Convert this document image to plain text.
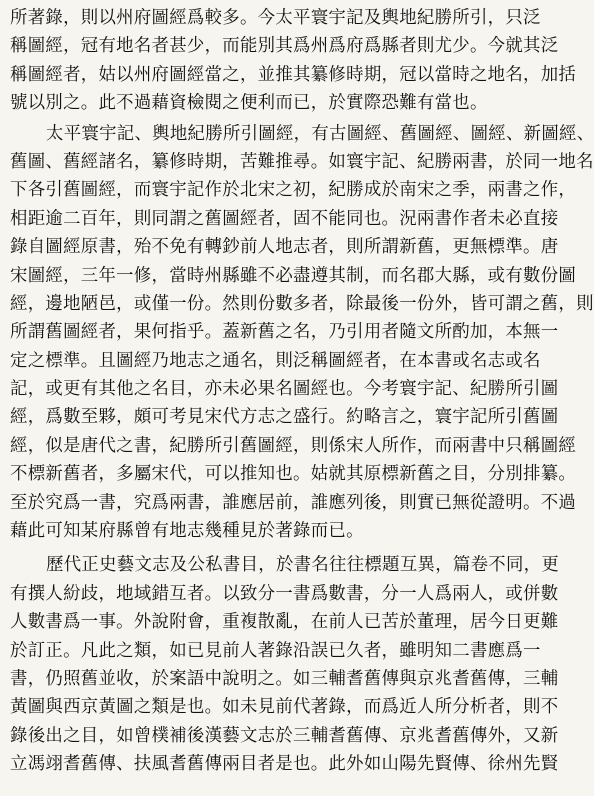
所著錄，則以州府圖經爲較多。今太平寰宇記及輿地紀勝所引，只泛
稱圖經，冠有地名者甚少，而能別其爲州爲府爲縣者則尤少。今就其泛
稱圖經者，姑以州府圖經當之，並推其纂修時期，冠以當時之地名，加括
號以別之。此不過藉資檢閱之便利而已，於實際恐難有當也。
太平寰宇記、輿地紀勝所引圖經，有古圖經、舊圖經、圖經、新圖經、
舊圖、舊經諸名，纂修時期，苦難推尋。如寰宇記、紀勝兩書，於同一地名
下各引舊圖經，而寰宇記作於北宋之初，紀勝成於南宋之季，兩書之作，
相距逾二百年，則同謂之舊圖經者，固不能同也。況兩書作者未必直接
錄自圖經原書，殆不免有轉鈔前人地志者，則所謂新舊，更無標準。唐
宋圖經，三年一修，當時州縣雖不必盡遵其制，而名郡大縣，或有數份圖
經，邊地陋邑，或僅一份。然則份數多者，除最後一份外，皆可謂之舊，則
所謂舊圖經者，果何指乎。蓋新舊之名，乃引用者隨文所酌加，本無一
定之標準。且圖經乃地志之通名，則泛稱圖經者，在本書或名志或名
記，或更有其他之名目，亦未必果名圖經也。今考寰宇記、紀勝所引圖
經，爲數至夥，頗可考見宋代方志之盛行。約略言之，寰宇記所引舊圖
經，似是唐代之書，紀勝所引舊圖經，則係宋人所作，而兩書中只稱圖經
不標新舊者，多屬宋代，可以推知也。姑就其原標新舊之目，分別排纂。
至於究爲一書，究爲兩書，誰應居前，誰應列後，則實已無從證明。不過
藉此可知某府縣曾有地志幾種見於著錄而已。
歷代正史藝文志及公私書目，於書名往往標題互異，篇卷不同，更
有撰人紛歧，地域錯互者。以致分一書爲數書，分一人爲兩人，或併數
人數書爲一事。外說附會，重複散亂，在前人已苦於董理，居今日更難
於訂正。凡此之類，如已見前人著錄沿誤已久者，雖明知二書應爲一
書，仍照舊並收，於案語中說明之。如三輔耆舊傳與京兆耆舊傳，三輔
黃圖與西京黃圖之類是也。如未見前代著錄，而爲近人所分析者，則不
錄後出之目，如曾樸補後漢藝文志於三輔耆舊傳、京兆耆舊傳外，又新
立馮翊耆舊傳、扶風耆舊傳兩目者是也。此外如山陽先賢傳、徐州先賢
